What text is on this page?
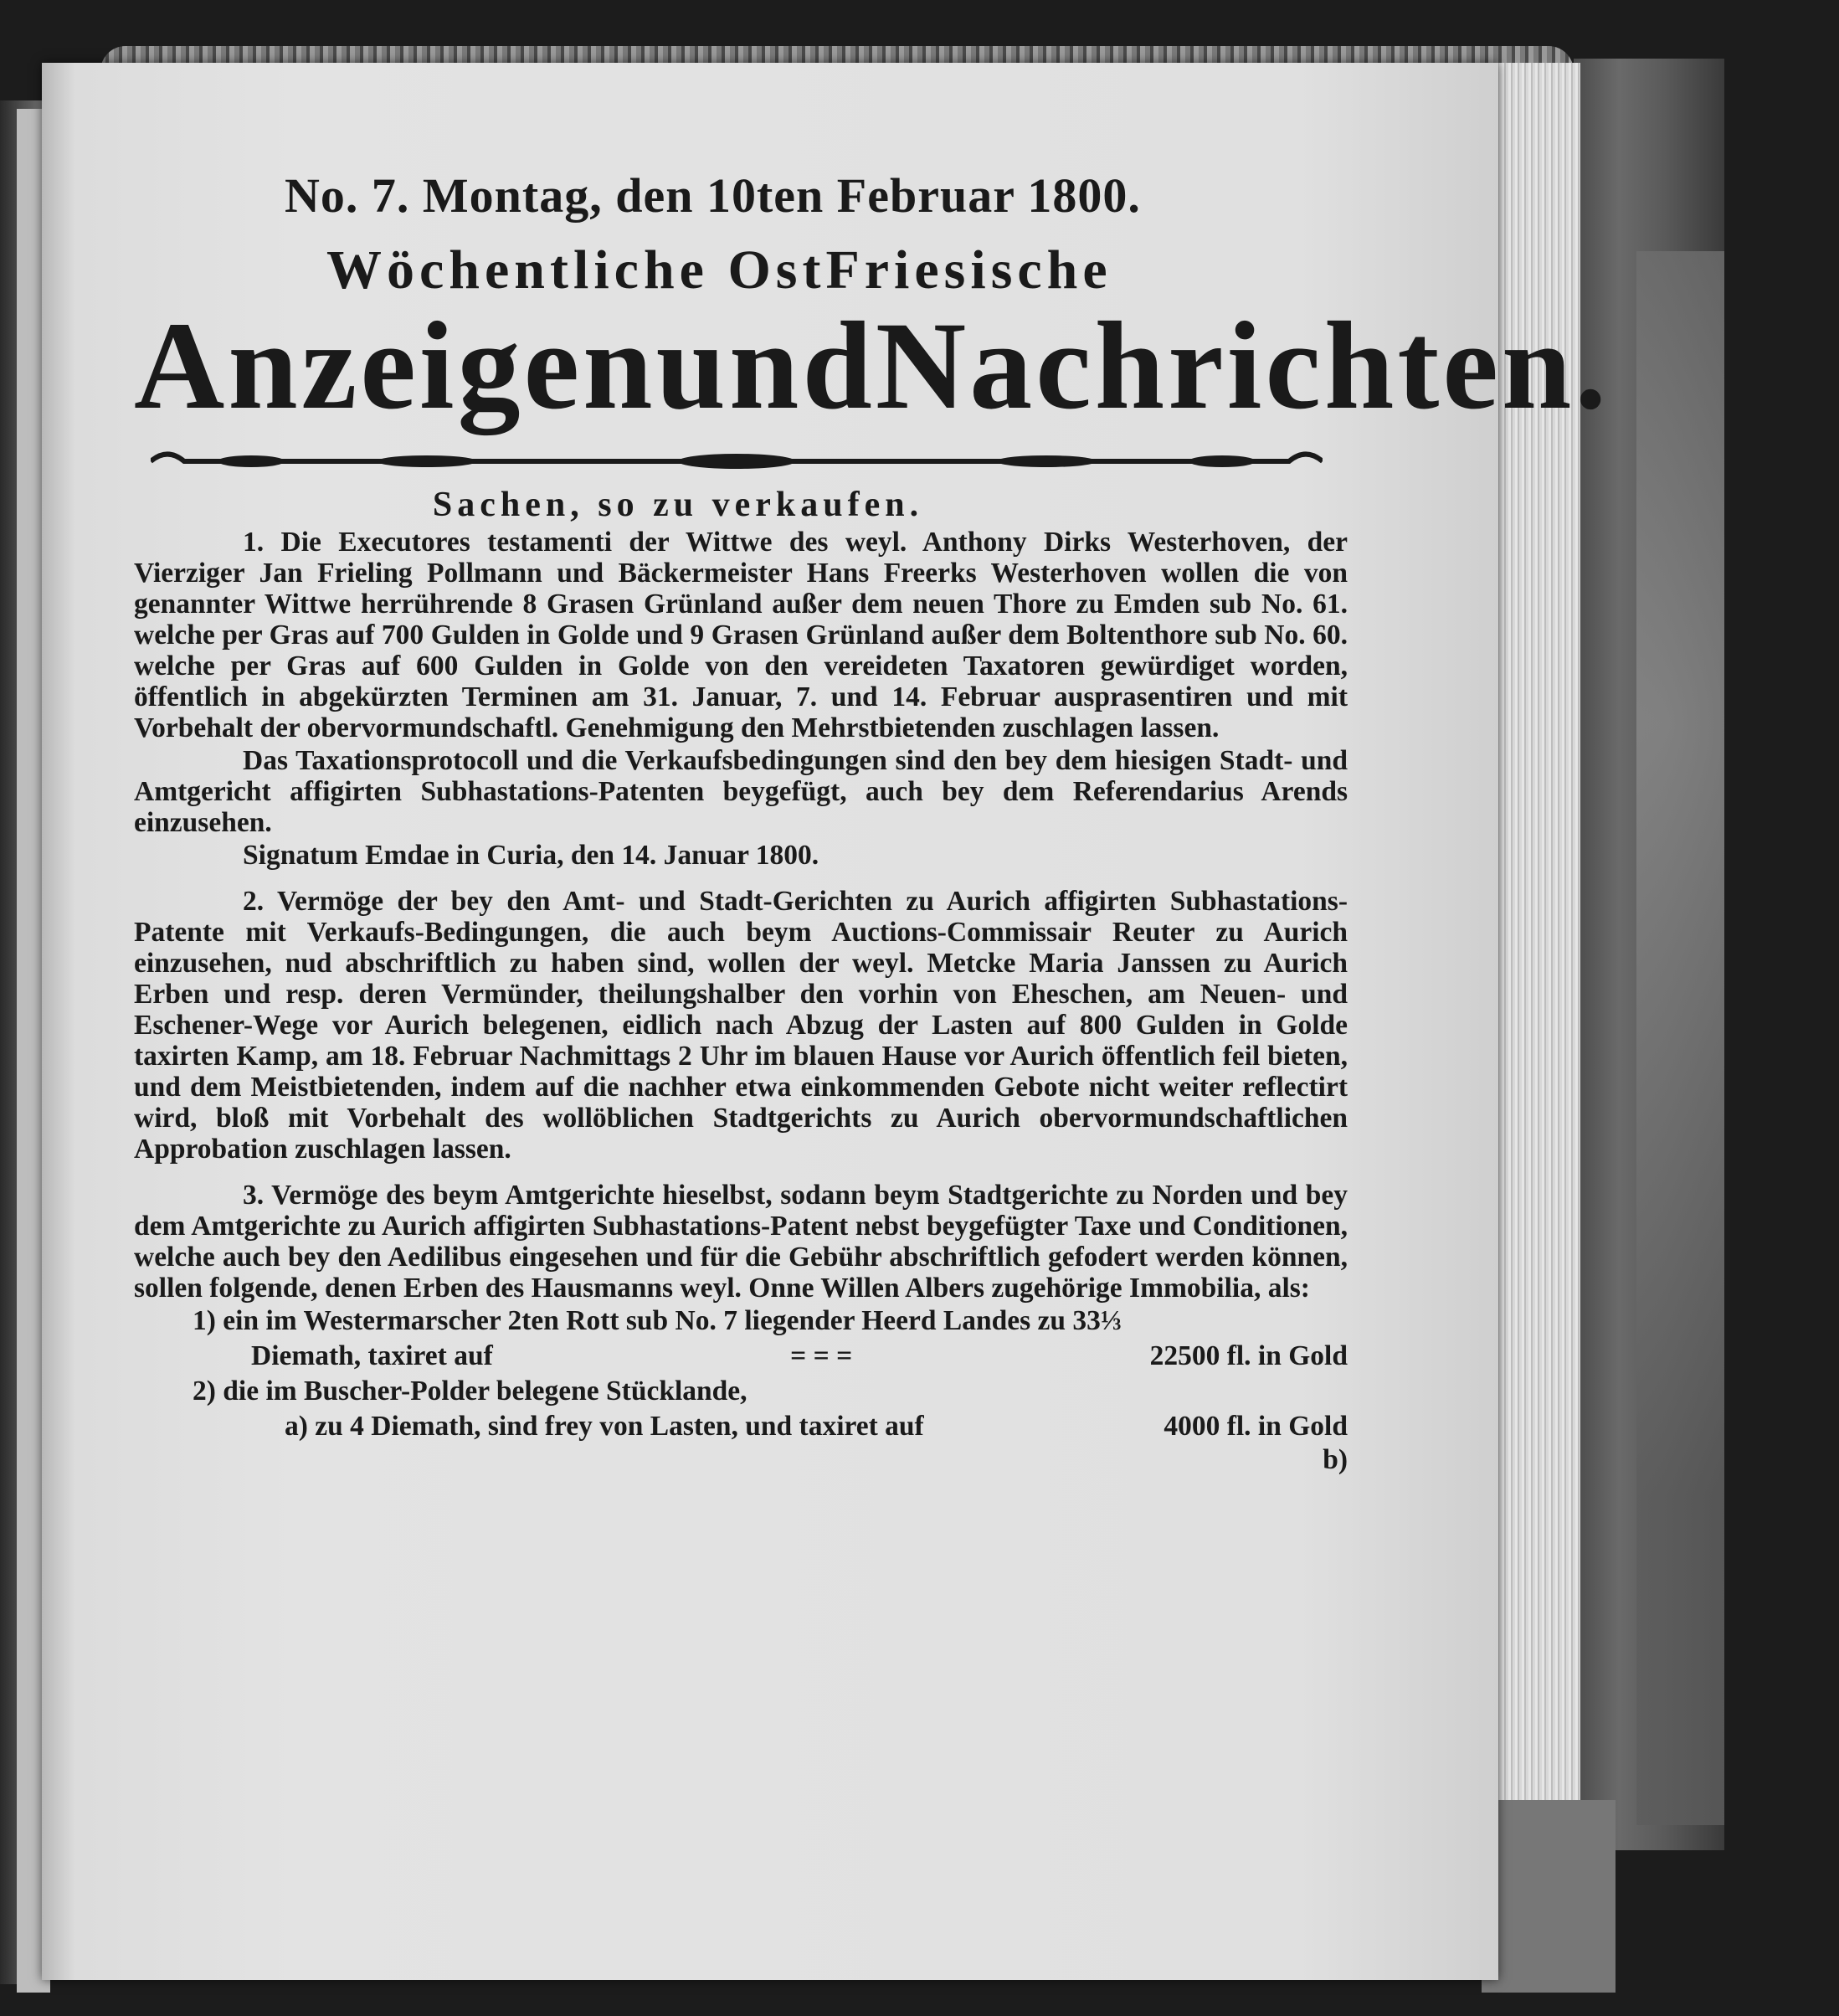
No. 7. Montag, den 10ten Februar 1800.
Wöchentliche OstFriesische
Anzeigen und Nachrichten.
Sachen, so zu verkaufen.
1. Die Executores testamenti der Wittwe des weyl. Anthony Dirks Westerhoven, der Vierziger Jan Frieling Pollmann und Bäckermeister Hans Freerks Westerhoven wollen die von genannter Wittwe herrührende 8 Grasen Grünland außer dem neuen Thore zu Emden sub No. 61. welche per Gras auf 700 Gulden in Golde und 9 Grasen Grünland außer dem Boltenthore sub No. 60. welche per Gras auf 600 Gulden in Golde von den vereideten Taxatoren gewürdiget worden, öffentlich in abgekürzten Terminen am 31. Januar, 7. und 14. Februar ausprasentiren und mit Vorbehalt der obervormundschaftl. Genehmigung den Mehrstbietenden zuschlagen lassen.
Das Taxationsprotocoll und die Verkaufsbedingungen sind den bey dem hiesigen Stadt- und Amtgericht affigirten Subhastations-Patenten beygefügt, auch bey dem Referendarius Arends einzusehen.
Signatum Emdae in Curia, den 14. Januar 1800.
2. Vermöge der bey den Amt- und Stadt-Gerichten zu Aurich affigirten Subhastations-Patente mit Verkaufs-Bedingungen, die auch beym Auctions-Commissair Reuter zu Aurich einzusehen, nud abschriftlich zu haben sind, wollen der weyl. Metcke Maria Janssen zu Aurich Erben und resp. deren Vermünder, theilungshalber den vorhin von Eheschen, am Neuen- und Eschener-Wege vor Aurich belegenen, eidlich nach Abzug der Lasten auf 800 Gulden in Golde taxirten Kamp, am 18. Februar Nachmittags 2 Uhr im blauen Hause vor Aurich öffentlich feil bieten, und dem Meistbietenden, indem auf die nachher etwa einkommenden Gebote nicht weiter reflectirt wird, bloß mit Vorbehalt des wollöblichen Stadtgerichts zu Aurich obervormundschaftlichen Approbation zuschlagen lassen.
3. Vermöge des beym Amtgerichte hieselbst, sodann beym Stadtgerichte zu Norden und bey dem Amtgerichte zu Aurich affigirten Subhastations-Patent nebst beygefügter Taxe und Conditionen, welche auch bey den Aedilibus eingesehen und für die Gebühr abschriftlich gefodert werden können, sollen folgende, denen Erben des Hausmanns weyl. Onne Willen Albers zugehörige Immobilia, als:
1) ein im Westermarscher 2ten Rott sub No. 7 liegender Heerd Landes zu 33⅓
Diemath, taxiret auf	= = =	22500 fl. in Gold
2) die im Buscher-Polder belegene Stücklande,
a) zu 4 Diemath, sind frey von Lasten, und taxiret auf	4000 fl. in Gold
b)
